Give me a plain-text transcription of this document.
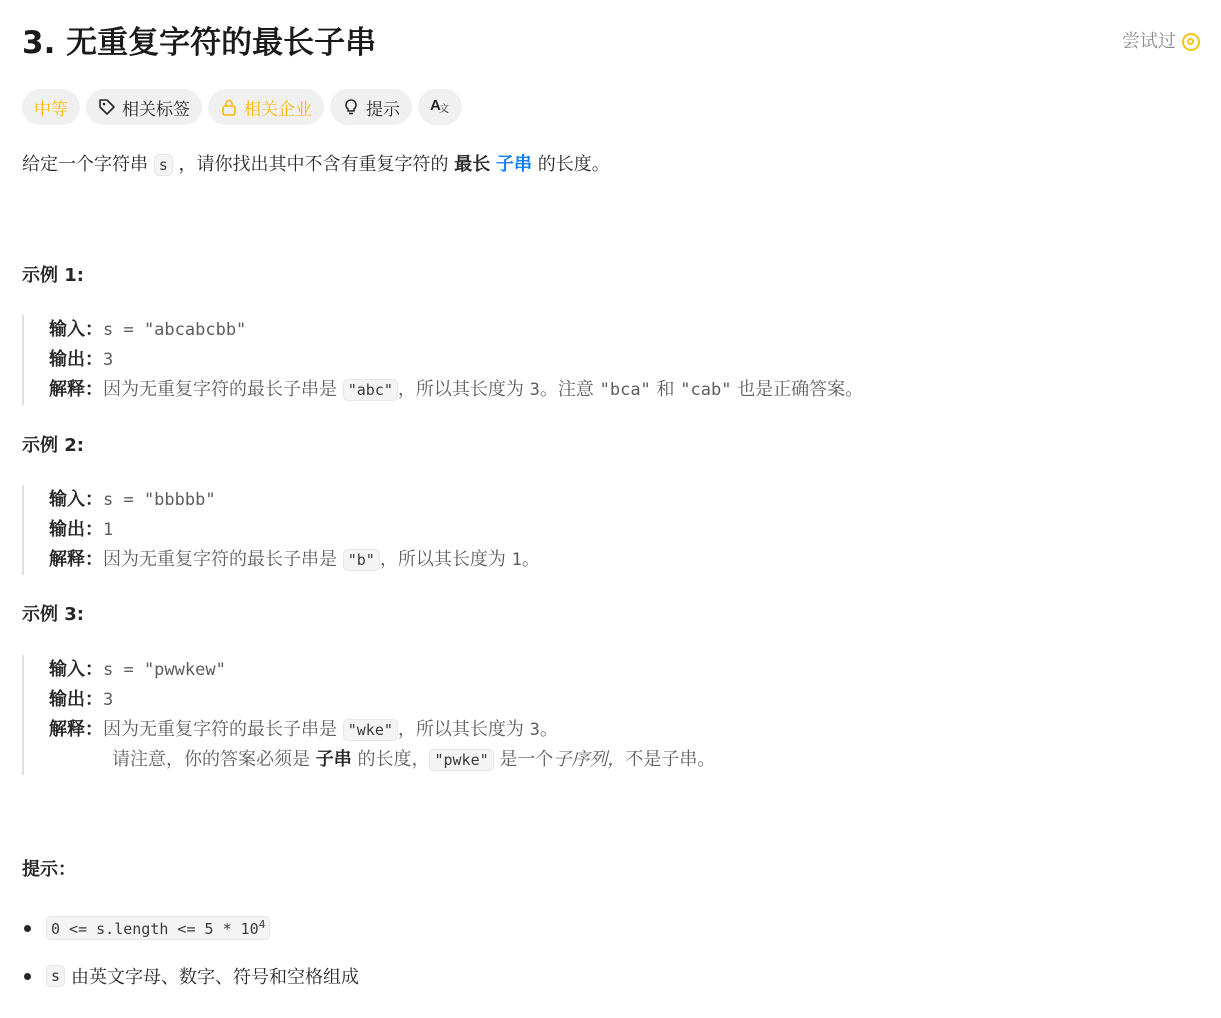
3. 无重复字符的最长子串	尝试过
中等	相关标签	相关企业	提示 A
文
给定一个字符串 s ，请你找出其中不含有重复字符的 最长 子串 的长度。
示例 1:
输入：s = "abcabcbb"
输出：3
解释：因为无重复字符的最长子串是 "abc" ，所以其长度为 3。注意 "bca" 和 "cab" 也是正确答案。
示例 2:
输入：s = "bbbbb"
输出：1
解释：因为无重复字符的最长子串是 "b" ，所以其长度为 1。
示例 3:
输入：s = "pwwkew"
输出：3
解释：因为无重复字符的最长子串是 "wke" ，所以其长度为 3。
请注意，你的答案必须是 子串 的长度， "pwke" 是一个子序列，不是子串。
提示：
0 <= s.length <= $5 * 10^4$
s 由英文字母、数字、符号和空格组成
